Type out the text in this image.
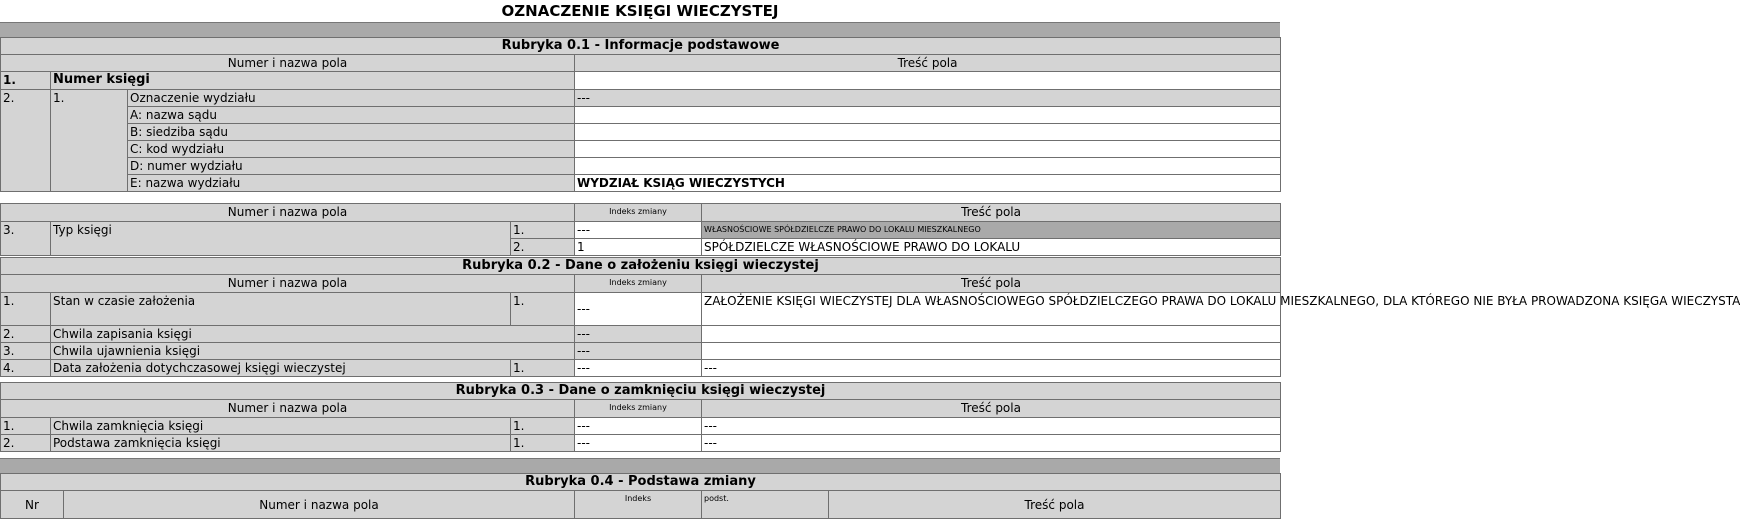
OZNACZENIE KSIĘGI WIECZYSTEJ
Rubryka 0.1 - Informacje podstawowe			
Numer i nazwa pola			Treść pola
1.	Numer księgi		
2.	1.	Oznaczenie wydziału	---
		A: nazwa sądu	
		B: siedziba sądu	
		C: kod wydziału	
		D: numer wydziału	
		E: nazwa wydziału	WYDZIAŁ KSIĄG WIECZYSTYCH
Numer i nazwa pola			Indeks zmiany	Treść pola
3.	Typ księgi	1.	---	WŁASNOŚCIOWE SPÓŁDZIELCZE PRAWO DO LOKALU MIESZKALNEGO
		2.	1	SPÓŁDZIELCZE WŁASNOŚCIOWE PRAWO DO LOKALU
Rubryka 0.2 - Dane o założeniu księgi wieczystej				
Numer i nazwa pola			Indeks zmiany	Treść pola
1.	Stan w czasie założenia	1.	---	ZAŁOŻENIE KSIĘGI WIECZYSTEJ DLA WŁASNOŚCIOWEGO SPÓŁDZIELCZEGO PRAWA DO LOKALU MIESZKALNEGO, DLA KTÓREGO NIE BYŁA PROWADZONA KSIĘGA WIECZYSTA
2.	Chwila zapisania księgi		---	
3.	Chwila ujawnienia księgi		---	
4.	Data założenia dotychczasowej księgi wieczystej	1.	---	---
Rubryka 0.3 - Dane o zamknięciu księgi wieczystej				
Numer i nazwa pola			Indeks zmiany	Treść pola
1.	Chwila zamknięcia księgi	1.	---	---
2.	Podstawa zamknięcia księgi	1.	---	---
Rubryka 0.4 - Podstawa zmiany
Nr	Numer i nazwa pola	Indeks	podst.	Treść pola
